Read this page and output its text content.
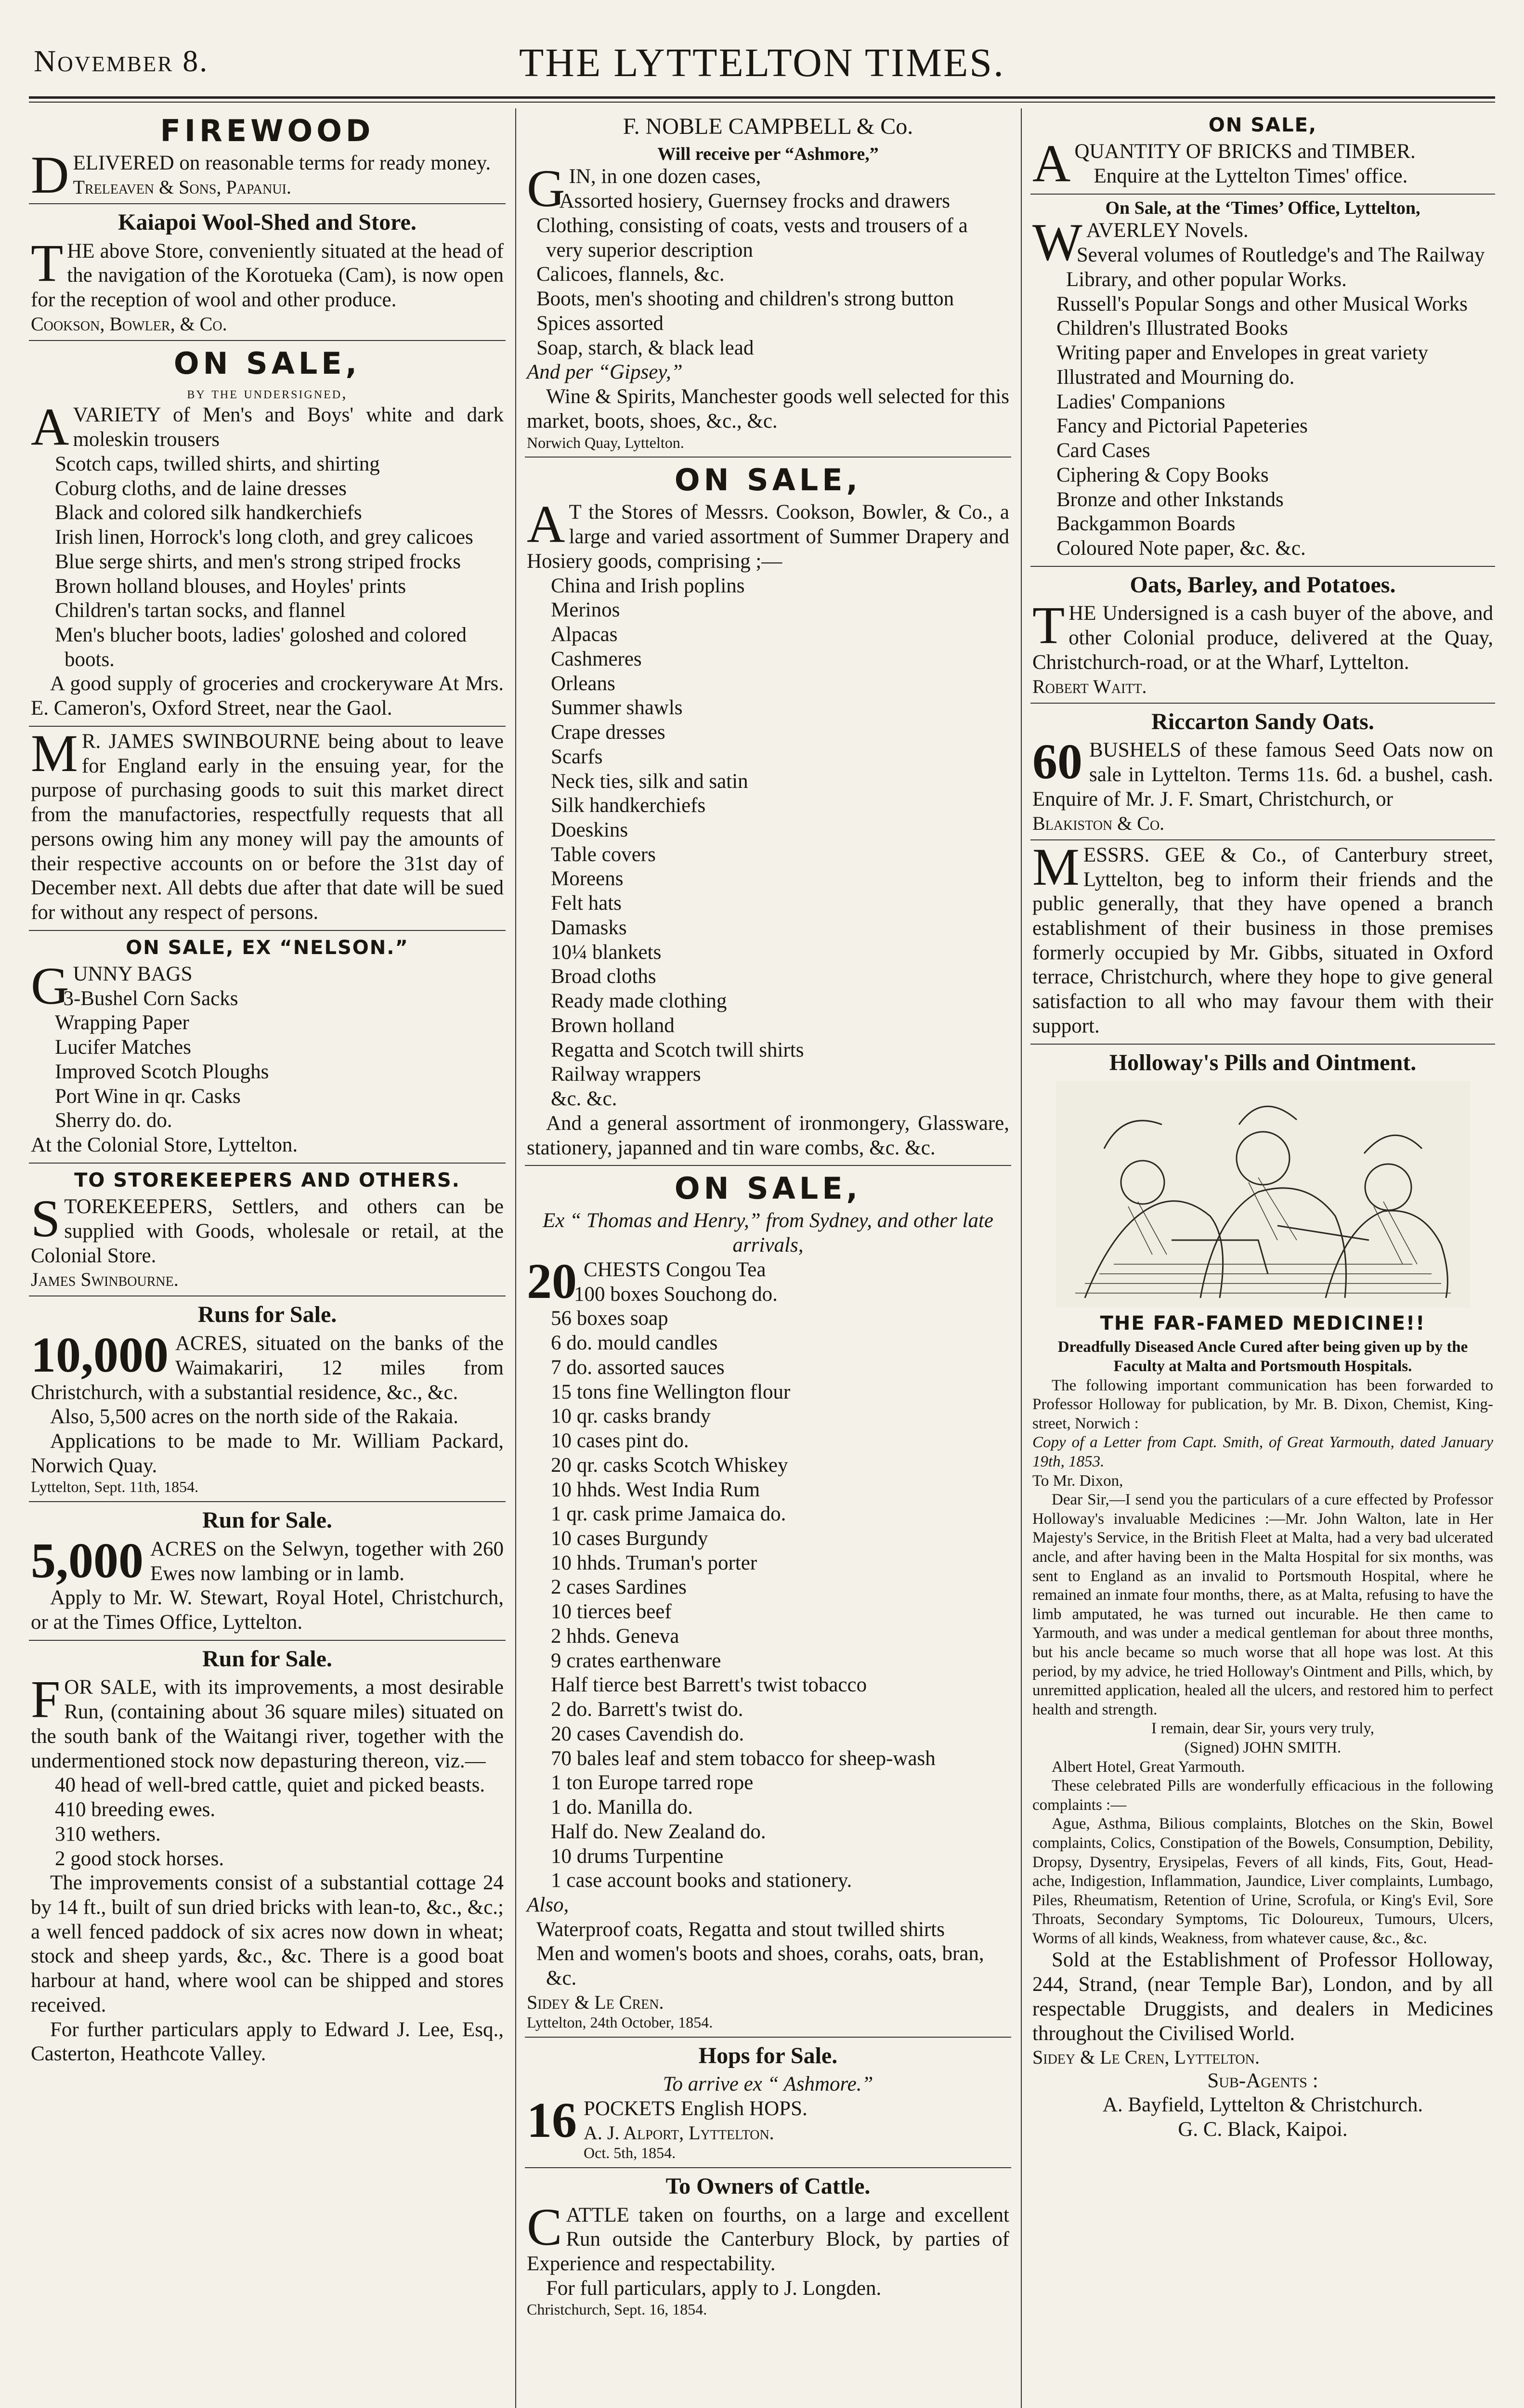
November 8.	THE LYTTELTON TIMES.
FIREWOOD

DELIVERED on reasonable terms for ready money.

Treleaven & Sons, Papanui.

Kaiapoi Wool-Shed and Store.

THE above Store, conveniently situated at the head of the navigation of the Korotueka (Cam), is now open for the reception of wool and other produce.

Cookson, Bowler, & Co.

ON SALE,
by the undersigned,

A VARIETY of Men's and Boys' white and dark moleskin trousers

Scotch caps, twilled shirts, and shirting
Coburg cloths, and de laine dresses
Black and colored silk handkerchiefs
Irish linen, Horrock's long cloth, and grey calicoes
Blue serge shirts, and men's strong striped frocks
Brown holland blouses, and Hoyles' prints
Children's tartan socks, and flannel
Men's blucher boots, ladies' goloshed and colored boots.

A good supply of groceries and crockeryware At Mrs. E. Cameron's, Oxford Street, near the Gaol.

M R. JAMES SWINBOURNE being about to leave for England early in the ensuing year, for the purpose of purchasing goods to suit this market direct from the manufactories, respectfully requests that all persons owing him any money will pay the amounts of their respective accounts on or before the 31st day of December next. All debts due after that date will be sued for without any respect of persons.

ON SALE, EX “NELSON.”

GUNNY BAGS

3-Bushel Corn Sacks
Wrapping Paper
Lucifer Matches
Improved Scotch Ploughs
Port Wine in qr. Casks
Sherry do. do.

At the Colonial Store, Lyttelton.

TO STOREKEEPERS AND OTHERS.

STOREKEEPERS, Settlers, and others can be supplied with Goods, wholesale or retail, at the Colonial Store.

James Swinbourne.

Runs for Sale.

10,000 ACRES, situated on the banks of the Waimakariri, 12 miles from Christchurch, with a substantial residence, &c., &c.

Also, 5,500 acres on the north side of the Rakaia.

Applications to be made to Mr. William Packard, Norwich Quay.

Lyttelton, Sept. 11th, 1854.

Run for Sale.

5,000 ACRES on the Selwyn, together with 260 Ewes now lambing or in lamb.

Apply to Mr. W. Stewart, Royal Hotel, Christchurch, or at the Times Office, Lyttelton.

Run for Sale.

FOR SALE, with its improvements, a most desirable Run, (containing about 36 square miles) situated on the south bank of the Waitangi river, together with the undermentioned stock now depasturing thereon, viz.—

40 head of well-bred cattle, quiet and picked beasts.
410 breeding ewes.
310 wethers.
2 good stock horses.

The improvements consist of a substantial cottage 24 by 14 ft., built of sun dried bricks with lean-to, &c., &c.; a well fenced paddock of six acres now down in wheat; stock and sheep yards, &c., &c. There is a good boat harbour at hand, where wool can be shipped and stores received.

For further particulars apply to Edward J. Lee, Esq., Casterton, Heathcote Valley.

F. NOBLE CAMPBELL & Co.
Will receive per “Ashmore,”

GIN, in one dozen cases,

Assorted hosiery, Guernsey frocks and drawers
Clothing, consisting of coats, vests and trousers of a very superior description
Calicoes, flannels, &c.
Boots, men's shooting and children's strong button
Spices assorted
Soap, starch, & black lead

And per “Gipsey,”

Wine & Spirits, Manchester goods well selected for this market, boots, shoes, &c., &c.

Norwich Quay, Lyttelton.

ON SALE,

A T the Stores of Messrs. Cookson, Bowler, & Co., a large and varied assortment of Summer Drapery and Hosiery goods, comprising ;—

China and Irish poplins
Merinos
Alpacas
Cashmeres
Orleans
Summer shawls
Crape dresses
Scarfs
Neck ties, silk and satin
Silk handkerchiefs
Doeskins
Table covers
Moreens
Felt hats
Damasks
10¼ blankets
Broad cloths
Ready made clothing
Brown holland
Regatta and Scotch twill shirts
Railway wrappers
&c. &c.

And a general assortment of ironmongery, Glassware, stationery, japanned and tin ware combs, &c. &c.

ON SALE,
Ex “ Thomas and Henry,” from Sydney, and other late arrivals,

20 CHESTS Congou Tea

100 boxes Souchong do.
56 boxes soap
6 do. mould candles
7 do. assorted sauces
15 tons fine Wellington flour
10 qr. casks brandy
10 cases pint do.
20 qr. casks Scotch Whiskey
10 hhds. West India Rum
1 qr. cask prime Jamaica do.
10 cases Burgundy
10 hhds. Truman's porter
2 cases Sardines
10 tierces beef
2 hhds. Geneva
9 crates earthenware
Half tierce best Barrett's twist tobacco
2 do. Barrett's twist do.
20 cases Cavendish do.
70 bales leaf and stem tobacco for sheep-wash
1 ton Europe tarred rope
1 do. Manilla do.
Half do. New Zealand do.
10 drums Turpentine
1 case account books and stationery.

Also,

Waterproof coats, Regatta and stout twilled shirts
Men and women's boots and shoes, corahs, oats, bran, &c.

Sidey & Le Cren.

Lyttelton, 24th October, 1854.

Hops for Sale.
To arrive ex “ Ashmore.”

16 POCKETS English HOPS.

A. J. Alport, Lyttelton.

Oct. 5th, 1854.

To Owners of Cattle.

CATTLE taken on fourths, on a large and excellent Run outside the Canterbury Block, by parties of Experience and respectability.

For full particulars, apply to J. Longden.

Christchurch, Sept. 16, 1854.

ON SALE,

A QUANTITY OF BRICKS and TIMBER.

Enquire at the Lyttelton Times' office.

On Sale, at the ‘Times’ Office, Lyttelton,

WAVERLEY Novels.

Several volumes of Routledge's and The Railway Library, and other popular Works.
Russell's Popular Songs and other Musical Works
Children's Illustrated Books
Writing paper and Envelopes in great variety
Illustrated and Mourning do.
Ladies' Companions
Fancy and Pictorial Papeteries
Card Cases
Ciphering & Copy Books
Bronze and other Inkstands
Backgammon Boards
Coloured Note paper, &c. &c.
Oats, Barley, and Potatoes.

THE Undersigned is a cash buyer of the above, and other Colonial produce, delivered at the Quay, Christchurch-road, or at the Wharf, Lyttelton.

Robert Waitt.

Riccarton Sandy Oats.

60 BUSHELS of these famous Seed Oats now on sale in Lyttelton. Terms 11s. 6d. a bushel, cash. Enquire of Mr. J. F. Smart, Christchurch, or

Blakiston & Co.

MESSRS. GEE & Co., of Canterbury street, Lyttelton, beg to inform their friends and the public generally, that they have opened a branch establishment of their business in those premises formerly occupied by Mr. Gibbs, situated in Oxford terrace, Christchurch, where they hope to give general satisfaction to all who may favour them with their support.

Holloway's Pills and Ointment.
THE FAR-FAMED MEDICINE!!

Dreadfully Diseased Ancle Cured after being given up by the Faculty at Malta and Portsmouth Hospitals.

The following important communication has been forwarded to Professor Holloway for publication, by Mr. B. Dixon, Chemist, King-street, Norwich :

Copy of a Letter from Capt. Smith, of Great Yarmouth, dated January 19th, 1853.

To Mr. Dixon,

Dear Sir,—I send you the particulars of a cure effected by Professor Holloway's invaluable Medicines :—Mr. John Walton, late in Her Majesty's Service, in the British Fleet at Malta, had a very bad ulcerated ancle, and after having been in the Malta Hospital for six months, was sent to England as an invalid to Portsmouth Hospital, where he remained an inmate four months, there, as at Malta, refusing to have the limb amputated, he was turned out incurable. He then came to Yarmouth, and was under a medical gentleman for about three months, but his ancle became so much worse that all hope was lost. At this period, by my advice, he tried Holloway's Ointment and Pills, which, by unremitted application, healed all the ulcers, and restored him to perfect health and strength.

I remain, dear Sir, yours very truly,

(Signed) JOHN SMITH.

Albert Hotel, Great Yarmouth.

These celebrated Pills are wonderfully efficacious in the following complaints :—

Ague, Asthma, Bilious complaints, Blotches on the Skin, Bowel complaints, Colics, Constipation of the Bowels, Consumption, Debility, Dropsy, Dysentry, Erysipelas, Fevers of all kinds, Fits, Gout, Head-ache, Indigestion, Inflammation, Jaundice, Liver complaints, Lumbago, Piles, Rheumatism, Retention of Urine, Scrofula, or King's Evil, Sore Throats, Secondary Symptoms, Tic Doloureux, Tumours, Ulcers, Worms of all kinds, Weakness, from whatever cause, &c., &c.

Sold at the Establishment of Professor Holloway, 244, Strand, (near Temple Bar), London, and by all respectable Druggists, and dealers in Medicines throughout the Civilised World.

Sidey & Le Cren, Lyttelton.

Sub-Agents :

A. Bayfield, Lyttelton & Christchurch.

G. C. Black, Kaipoi.
